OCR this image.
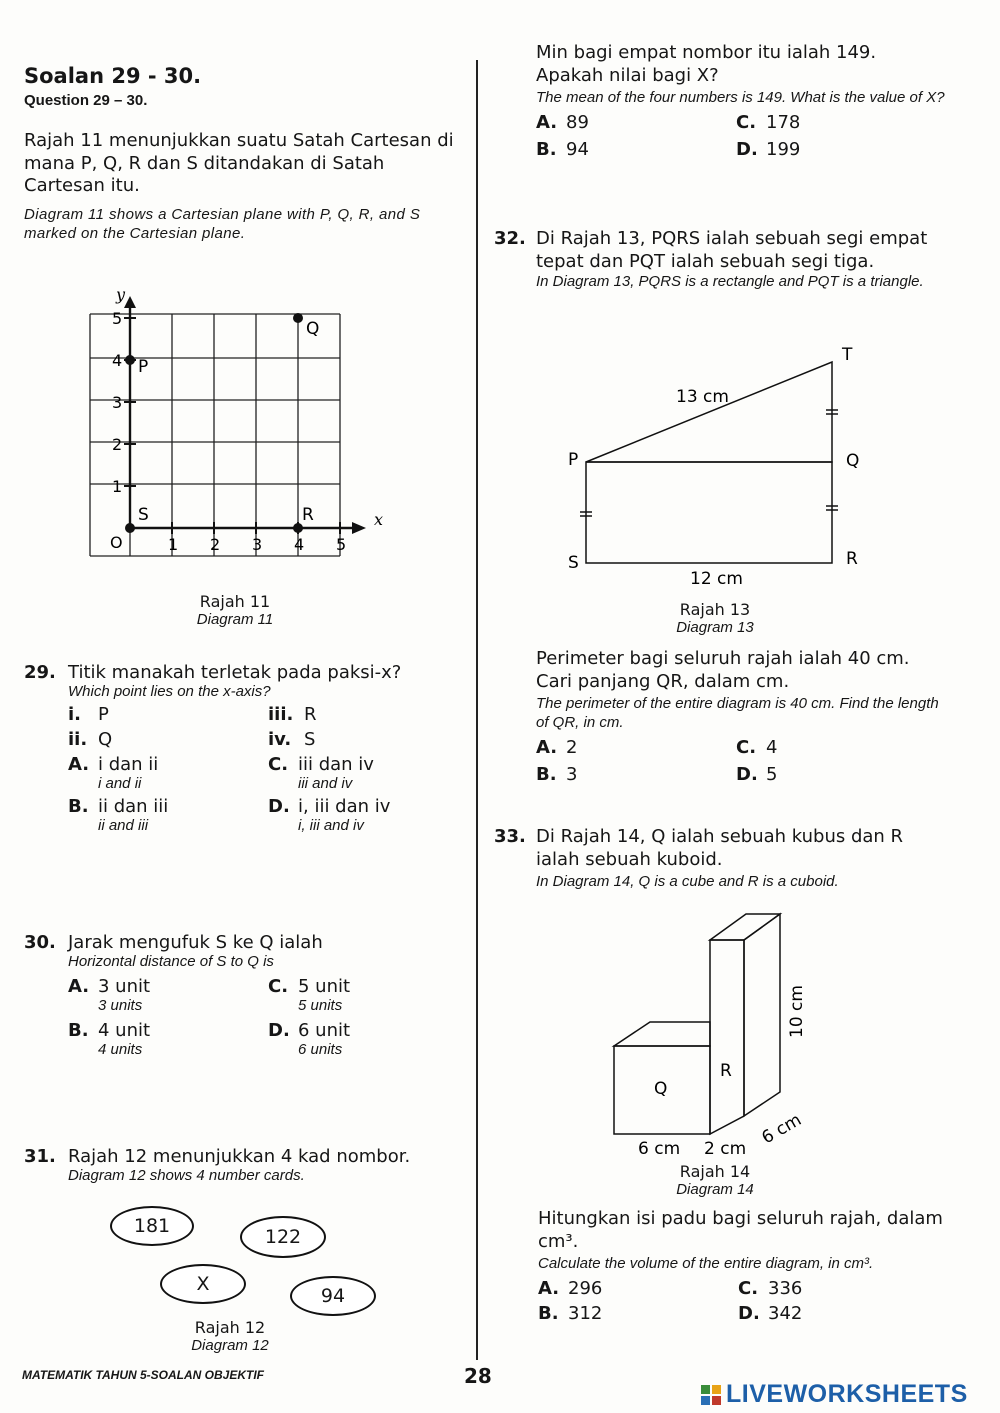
Soalan 29 - 30.
Question 29 – 30.
Rajah 11 menunjukkan suatu Satah Cartesan di mana P, Q, R dan S ditandakan di Satah Cartesan itu.
Diagram 11 shows a Cartesian plane with P, Q, R, and S marked on the Cartesian plane.
x
y
O	1 2 3 4 5
1
2
3
4
5
P
Q
R
S
Rajah 11
Diagram 11
29. Titik manakah terletak pada paksi-x?
Which point lies on the x-axis?
i. P	iii. R
ii. Q	iv. S
A. i dan ii
i and ii
C. iii dan iv
iii and iv
B. ii dan iii
ii and iii
D. i, iii dan iv
i, iii and iv
30. Jarak mengufuk S ke Q ialah
Horizontal distance of S to Q is
A. 3 unit
3 units
C. 5 unit
5 units
B. 4 unit
4 units
D. 6 unit
6 units
31. Rajah 12 menunjukkan 4 kad nombor.
Diagram 12 shows 4 number cards.
181	122
X
94
Rajah 12
Diagram 12
MATEMATIK TAHUN 5-SOALAN OBJEKTIF	28
Min bagi empat nombor itu ialah 149.
Apakah nilai bagi X?
The mean of the four numbers is 149. What is the value of X?
A. 89	C. 178
B. 94	D. 199
32. Di Rajah 13, PQRS ialah sebuah segi empat tepat dan PQT ialah sebuah segi tiga.
In Diagram 13, PQRS is a rectangle and PQT is a triangle.
T
P	Q
S	R
13 cm
12 cm
Rajah 13
Diagram 13
Perimeter bagi seluruh rajah ialah 40 cm. Cari panjang QR, dalam cm.
The perimeter of the entire diagram is 40 cm. Find the length of QR, in cm.
A. 2	C. 4
B. 3	D. 5
33. Di Rajah 14, Q ialah sebuah kubus dan R ialah sebuah kuboid.
In Diagram 14, Q is a cube and R is a cuboid.
Q
R
6 cm 2 cm
6 cm
10 cm
Rajah 14
Diagram 14
Hitungkan isi padu bagi seluruh rajah, dalam cm³.
Calculate the volume of the entire diagram, in cm³.
A. 296	C. 336
B. 312	D. 342
LIVEWORKSHEETS
